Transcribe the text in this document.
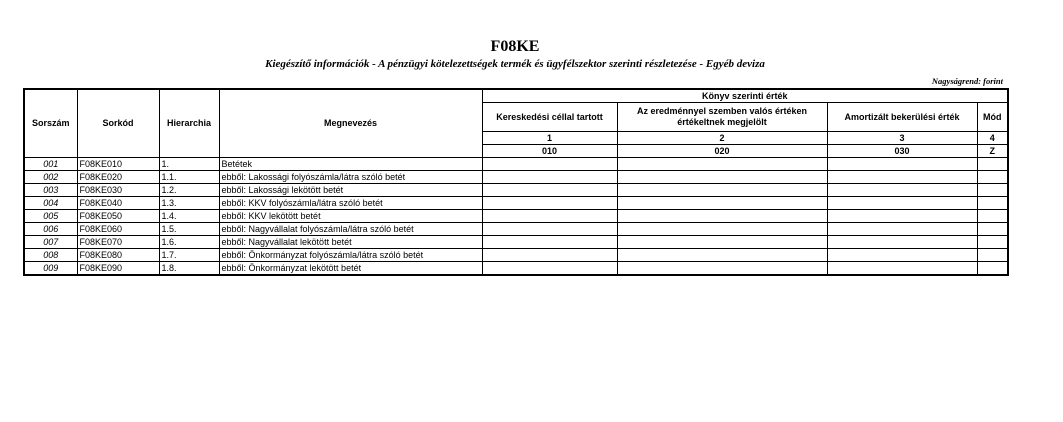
F08KE
Kiegészítő információk - A pénzügyi kötelezettségek termék és ügyfélszektor szerinti részletezése - Egyéb deviza
Nagyságrend: forint
Sorszám	Sorkód	Hierarchia	Megnevezés	Könyv szerinti érték			
				Kereskedési céllal tartott	Az eredménnyel szemben valós értéken értékeltnek megjelölt	Amortizált bekerülési érték	Mód
				1	2	3	4
				010	020	030	Z
001	F08KE010	1.	Betétek				
002	F08KE020	1.1.	ebből: Lakossági folyószámla/látra szóló betét				
003	F08KE030	1.2.	ebből: Lakossági lekötött betét				
004	F08KE040	1.3.	ebből: KKV folyószámla/látra szóló betét				
005	F08KE050	1.4.	ebből: KKV lekötött betét				
006	F08KE060	1.5.	ebből: Nagyvállalat folyószámla/látra szóló betét				
007	F08KE070	1.6.	ebből: Nagyvállalat lekötött betét				
008	F08KE080	1.7.	ebből: Önkormányzat folyószámla/látra szóló betét				
009	F08KE090	1.8.	ebből: Önkormányzat lekötött betét				
